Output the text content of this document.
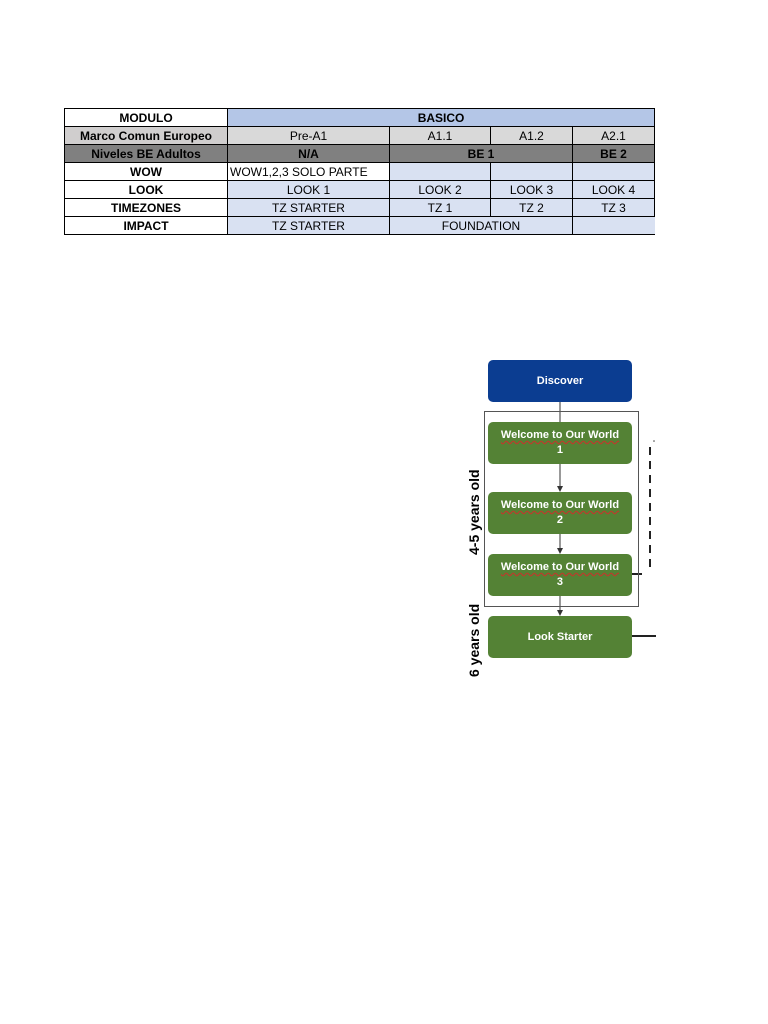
MODULO	BASICO			
Marco Comun Europeo	Pre-A1	A1.1	A1.2	A2.1
Niveles BE Adultos	N/A	BE 1		BE 2
WOW	WOW1,2,3 SOLO PARTE			
LOOK	LOOK 1	LOOK 2	LOOK 3	LOOK 4
TIMEZONES	TZ STARTER	TZ 1	TZ 2	TZ 3
IMPACT	TZ STARTER	FOUNDATION		
Discover
Welcome to Our World
1
Welcome to Our World
2
Welcome to Our World
3
Look Starter
4-5 years old
6 years old
